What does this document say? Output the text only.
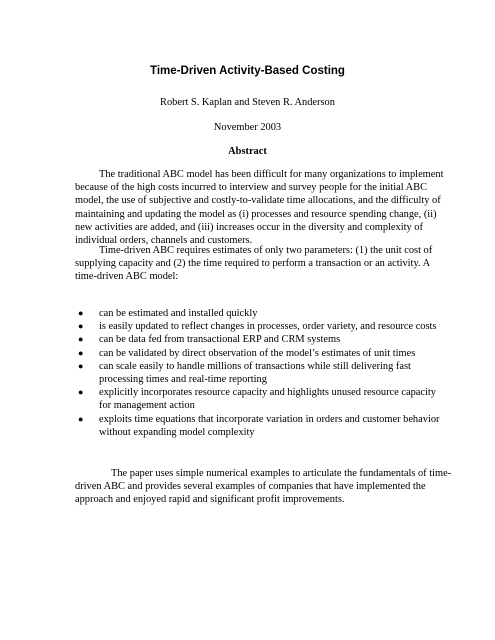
Time-Driven Activity-Based Costing
Robert S. Kaplan and Steven R. Anderson
November 2003
Abstract
The traditional ABC model has been difficult for many organizations to implement
because of the high costs incurred to interview and survey people for the initial ABC
model, the use of subjective and costly-to-validate time allocations, and the difficulty of
maintaining and updating the model as (i) processes and resource spending change, (ii)
new activities are added, and (iii) increases occur in the diversity and complexity of
individual orders, channels and customers.
Time-driven ABC requires estimates of only two parameters: (1) the unit cost of
supplying capacity and (2) the time required to perform a transaction or an activity. A
time-driven ABC model:
● can be estimated and installed quickly
● is easily updated to reflect changes in processes, order variety, and resource costs
● can be data fed from transactional ERP and CRM systems
● can be validated by direct observation of the model’s estimates of unit times
● can scale easily to handle millions of transactions while still delivering fast
processing times and real-time reporting
● explicitly incorporates resource capacity and highlights unused resource capacity
for management action
● exploits time equations that incorporate variation in orders and customer behavior
without expanding model complexity
The paper uses simple numerical examples to articulate the fundamentals of time-
driven ABC and provides several examples of companies that have implemented the
approach and enjoyed rapid and significant profit improvements.
